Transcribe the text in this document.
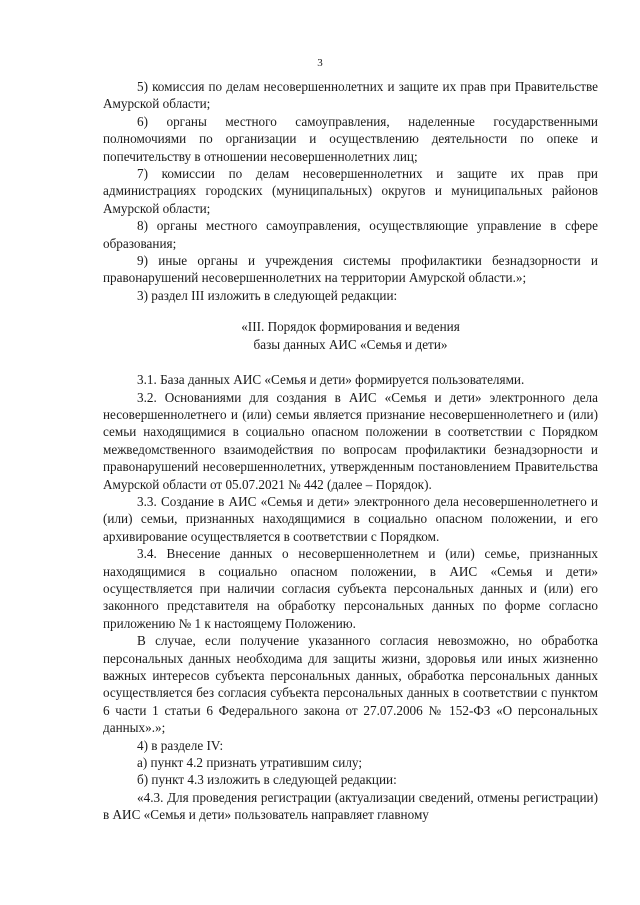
3

5) комиссия по делам несовершеннолетних и защите их прав при Правительстве Амурской области;

6) органы местного самоуправления, наделенные государственными полномочиями по организации и осуществлению деятельности по опеке и попечительству в отношении несовершеннолетних лиц;

7) комиссии по делам несовершеннолетних и защите их прав при администрациях городских (муниципальных) округов и муниципальных районов Амурской области;

8) органы местного самоуправления, осуществляющие управление в сфере образования;

9) иные органы и учреждения системы профилактики безнадзорности и правонарушений несовершеннолетних на территории Амурской области.»;

3) раздел III изложить в следующей редакции:

«III. Порядок формирования и ведения
базы данных АИС «Семья и дети»

3.1. База данных АИС «Семья и дети» формируется пользователями.

3.2. Основаниями для создания в АИС «Семья и дети» электронного дела несовершеннолетнего и (или) семьи является признание несовершеннолетнего и (или) семьи находящимися в социально опасном положении в соответствии с Порядком межведомственного взаимодействия по вопросам профилактики безнадзорности и правонарушений несовершеннолетних, утвержденным постановлением Правительства Амурской области от 05.07.2021 № 442 (далее – Порядок).

3.3. Создание в АИС «Семья и дети» электронного дела несовершеннолетнего и (или) семьи, признанных находящимися в социально опасном положении, и его архивирование осуществляется в соответствии с Порядком.

3.4. Внесение данных о несовершеннолетнем и (или) семье, признанных находящимися в социально опасном положении, в АИС «Семья и дети» осуществляется при наличии согласия субъекта персональных данных и (или) его законного представителя на обработку персональных данных по форме согласно приложению № 1 к настоящему Положению.

В случае, если получение указанного согласия невозможно, но обработка персональных данных необходима для защиты жизни, здоровья или иных жизненно важных интересов субъекта персональных данных, обработка персональных данных осуществляется без согласия субъекта персональных данных в соответствии с пунктом 6 части 1 статьи 6 Федерального закона от 27.07.2006 № 152-ФЗ «О персональных данных».»;

4) в разделе IV:

а) пункт 4.2 признать утратившим силу;

б) пункт 4.3 изложить в следующей редакции:

«4.3. Для проведения регистрации (актуализации сведений, отмены регистрации) в АИС «Семья и дети» пользователь направляет главному
